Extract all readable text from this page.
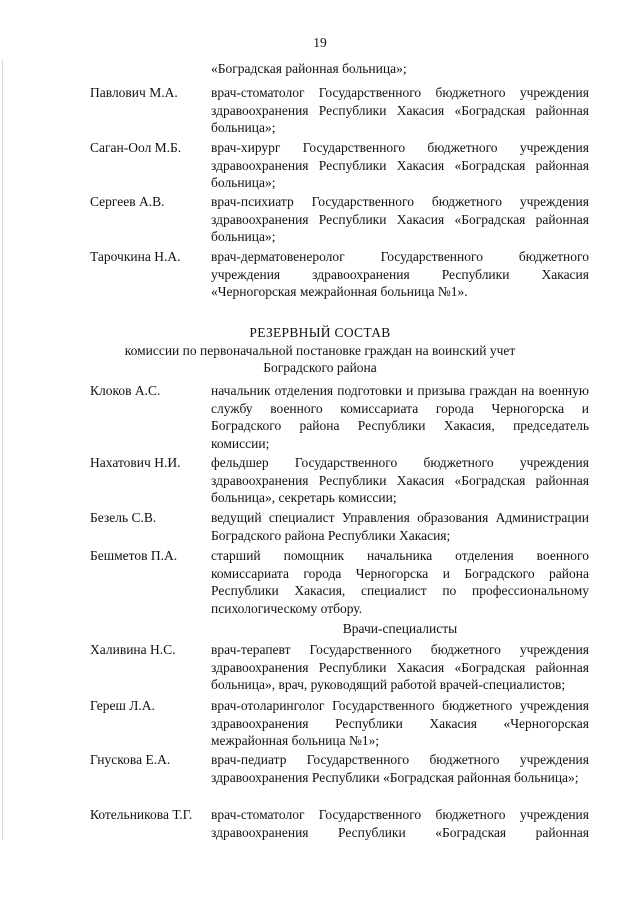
19
«Боградская районная больница»;
Павлович М.А.	врач-стоматолог Государственного бюджетного учреждения здравоохранения Республики Хакасия «Боградская районная больница»;
Саган-Оол М.Б.	врач-хирург Государственного бюджетного учреждения здравоохранения Республики Хакасия «Боградская районная больница»;
Сергеев А.В.	врач-психиатр Государственного бюджетного учреждения здравоохранения Республики Хакасия «Боградская районная больница»;
Тарочкина Н.А.	врач-дерматовенеролог Государственного бюджетного учреждения здравоохранения Республики Хакасия «Черногорская межрайонная больница №1».
РЕЗЕРВНЫЙ СОСТАВ
комиссии по первоначальной постановке граждан на воинский учет
Боградского района
Клоков А.С.	начальник отделения подготовки и призыва граждан на военную службу военного комиссариата города Черногорска и Боградского района Республики Хакасия, председатель комиссии;
Нахатович Н.И.	фельдшер Государственного бюджетного учреждения здравоохранения Республики Хакасия «Боградская районная больница», секретарь комиссии;
Безель С.В.	ведущий специалист Управления образования Администрации Боградского района Республики Хакасия;
Бешметов П.А.	старший помощник начальника отделения военного комиссариата города Черногорска и Боградского района Республики Хакасия, специалист по профессиональному психологическому отбору.
Врачи-специалисты
Халивина Н.С.	врач-терапевт Государственного бюджетного учреждения здравоохранения Республики Хакасия «Боградская районная больница», врач, руководящий работой врачей-специалистов;
Гереш Л.А.	врач-отоларинголог Государственного бюджетного учреждения здравоохранения Республики Хакасия «Черногорская межрайонная больница №1»;
Гнускова Е.А.	врач-педиатр Государственного бюджетного учреждения здравоохранения Республики «Боградская районная больница»;
Котельникова Т.Г.	врач-стоматолог Государственного бюджетного учреждения здравоохранения Республики «Боградская районная
